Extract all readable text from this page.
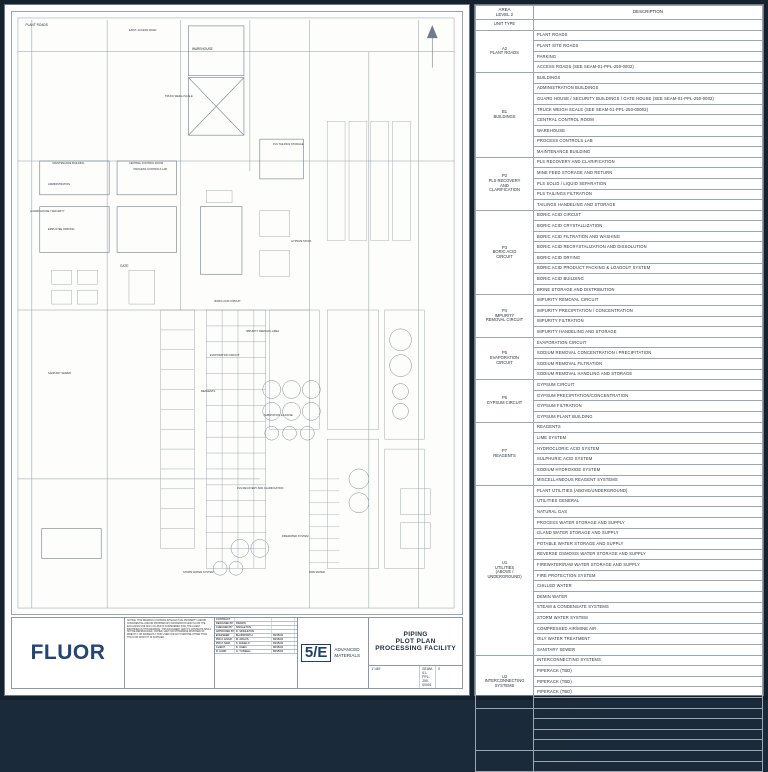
PLANT ROADS
EXIST. ACCESS ROAD
WAREHOUSE
TRUCK WEIGH SCALE
MAINTENANCE BUILDING
ADMINISTRATION
CENTRAL CONTROL ROOM
GUARD HOUSE / SECURITY
EMPLOYEE PARKING
PROCESS CONTROLS LAB
GATE
SANITARY SEWER
PLS TAILINGS STORAGE
GYPSUM STACK
BORIC ACID CIRCUIT
IMPURITY REMOVAL AREA
EVAPORATION CIRCUIT
PLS RECOVERY AND CLARIFICATION
REAGENTS
SUBSTATION E-HOUSE
FIREWATER SYSTEM
RAW WATER
STORM WATER SYSTEM
FLUOR
NOTICE: THIS DRAWING CONTAINS INTELLECTUAL PROPERTY AND/OR CONFIDENTIAL AND/OR PROPRIETARY INFORMATION AND IS FOR THE EXCLUSIVE USE ONLY OF, AND IS CONSIDERED FOR, THE CLIENT IDENTIFIED IN THIS DRAWING. THIS DOCUMENT AND ITS CONTENTS SHALL NOT BE REPRODUCED, COPIED, LENT OR OTHERWISE DISPOSED OF DIRECTLY OR INDIRECTLY NOR USED FOR ANY PURPOSE OTHER THAN THAT FOR WHICH IT IS SUPPLIED.
CONTRACT
DESIGNED BY DRAWN
CHECKED BY	SINGLETON
APPROVED BY D. SINGLETON
ENGINEER	BLUDWORTH	09/15/04
PROJ. ENGR.	M. ARGUS	09/15/04
PROJ. MGR.	S. ANGELO	09/15/04
CLIENT	D. CHEN	08/15/04
R. HANK	G. TUSSELL	08/15/04	5/E	ADVANCED
MATERIALS
PIPING
PLOT PLAN
PROCESSING FACILITY
1"=80'	SEAM-01-PPL-250-00001
0
AREA
LEVEL 2	DESCRIPTION
UNIT TYPE	
A2
PLANT ROADS	PLANT ROADS
	PLANT SITE ROADS
	PARKING
	ACCESS ROADS (SEE SEAM-01-PPL-250-0002)
B1
BUILDINGS	BUILDINGS
	ADMINISTRATION BUILDINGS
	GUARD HOUSE / SECURITY BUILDINGS / GATE HOUSE (SEE SEAM-01-PPL-250-0002)
	TRUCK WEIGH SCALE (SEE SEAM-01-PPL-250-00002)
	CENTRAL CONTROL ROOM
	WAREHOUSE
	PROCESS CONTROLS LAB
	MAINTENANCE BUILDING
P2
PLS RECOVERY
AND
CLARIFICATION	PLS RECOVERY AND CLARIFICATION
	MINE FEED STORAGE AND RETURN
	PLS SOLID / LIQUID SEPARATION
	PLS TAILINGS FILTRATION
	TAILINGS HANDELING AND STORAGE
P3
BORIC ACID
CIRCUIT	BORIC ACID CIRCUIT
	BORIC ACID CRYSTALLIZATION
	BORIC ACID FILTRATION AND WASHING
	BORIC ACID RECRYSTALIZATION AND DISSOLUTION
	BORIC ACID DRYING
	BORIC ACID PRODUCT PACKING & LOADOUT SYSTEM
	BORIC ACID BUILDING
	BRINE STORAGE AND DISTRIBUTION
P4
IMPURITY
REMOVAL CIRCUIT	IMPURITY REMOVAL CIRCUIT
	IMPURITY PRECIPITATION / CONCENTRATION
	IMPURITY FILTRATION
	IMPURITY HANDELING AND STORAGE
P5
EVAPORATION
CIRCUIT	EVAPORATION CIRCUIT
	SODIUM REMOVAL CONCENTRATION / PRECIPITATION
	SODIUM REMOVAL FILTRATION
	SODIUM REMOVAL HANDLING AND STORAGE
P6
GYPSUM CIRCUIT	GYPSUM CIRCUIT
	GYPSUM PRECIPITATION/CONCENTRATION
	GYPSUM FILTRATION
	GYPSUM PLANT BUILDING
P7
REAGENTS	REAGENTS
	LIME SYSTEM
	HYDROCLORIC ACID SYSTEM
	SULPHURIC ACID SYSTEM
	SODIUM HYDROXIDE SYSTEM
	MISCELLANEOUS REAGENT SYSTEMS
U1
UTILITIES
(ABOVE /
UNDERGROUND)	PLANT UTILITIES (ABOVE/UNDERGROUND)
	UTILITIES GENERAL
	NATURAL GAS
	PROCESS WATER STORAGE AND SUPPLY
	GLAND WATER STORAGE AND SUPPLY
	POTABLE WATER STORAGE AND SUPPLY
	REVERSE OSMOSIS WATER STORAGE AND SUPPLY
	FIREWATER/RAW WATER STORAGE AND SUPPLY
	FIRE PROTECTION SYSTEM
	CHILLED WATER
	DEMIN WATER
	STEAM & CONDENSATE SYSTEMS
	STORM WATER SYSTEM
	COMPRESSED AIR/MINE AIR
	OILY WATER TREATMENT
	SANITARY SEWER
U2
INTERCONNECTING
SYSTEMS	INTERCONNECTING SYSTEMS
	PIPERACK (TBD)
	PIPERACK (TBD)
	PIPERACK (TBD)
	PIPERACK UTILITIES
U3
POWER SUPPLY
& DISTRIBUTION	POWER SUPPLY & DISTRIBUTION
	PLANT SITE POWER DISTRIBUTION
	MAIN SUB STATION E-HOUSE
	TBD E-HOUSE
U4
COMMUNICATIONS	COMMUNICATIONS
	RADIO COMMUNICATION
